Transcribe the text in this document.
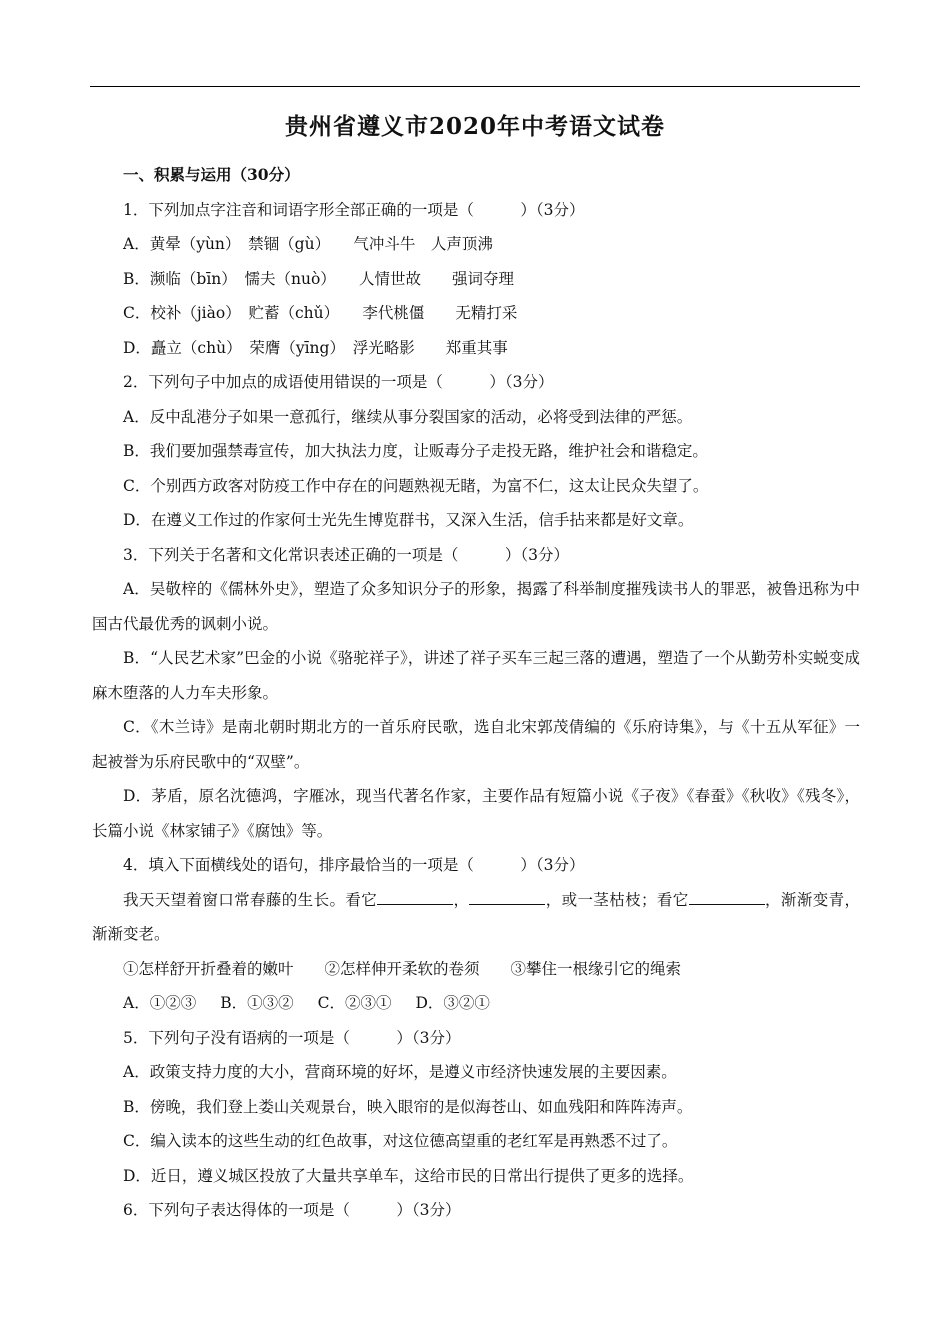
贵州省遵义市2020年中考语文试卷
一、积累与运用（30分）
1．下列加点字注音和词语字形全部正确的一项是（　　　）（3分）
A．黄晕（yùn）　禁锢（gù）　　气冲斗牛　人声顶沸
B．濒临（bīn）　懦夫（nuò）　　人情世故　　强词夺理
C．校补（jiào）　贮蓄（chǔ）　　李代桃僵　　无精打采
D．矗立（chù）　荣膺（yīng）　浮光略影　　郑重其事
2．下列句子中加点的成语使用错误的一项是（　　　）（3分）
A．反中乱港分子如果一意孤行，继续从事分裂国家的活动，必将受到法律的严惩。
B．我们要加强禁毒宣传，加大执法力度，让贩毒分子走投无路，维护社会和谐稳定。
C．个别西方政客对防疫工作中存在的问题熟视无睹，为富不仁，这太让民众失望了。
D．在遵义工作过的作家何士光先生博览群书，又深入生活，信手拈来都是好文章。
3．下列关于名著和文化常识表述正确的一项是（　　　）（3分）
A．吴敬梓的《儒林外史》，塑造了众多知识分子的形象，揭露了科举制度摧残读书人的罪恶，被鲁迅称为中国古代最优秀的讽刺小说。
B．“人民艺术家”巴金的小说《骆驼祥子》，讲述了祥子买车三起三落的遭遇，塑造了一个从勤劳朴实蜕变成麻木堕落的人力车夫形象。
C．《木兰诗》是南北朝时期北方的一首乐府民歌，选自北宋郭茂倩编的《乐府诗集》，与《十五从军征》一起被誉为乐府民歌中的“双壁”。
D．茅盾，原名沈德鸿，字雁冰，现当代著名作家，主要作品有短篇小说《子夜》《春蚕》《秋收》《残冬》，长篇小说《林家铺子》《腐蚀》等。
4．填入下面横线处的语句，排序最恰当的一项是（　　　）（3分）
我天天望着窗口常春藤的生长。看它	，	，或一茎枯枝；看它	，渐渐变青，渐渐变老。
①怎样舒开折叠着的嫩叶　　②怎样伸开柔软的卷须　　③攀住一根缘引它的绳索
A．①②③ B．①③② C．②③① D．③②①
5．下列句子没有语病的一项是（　　　）（3分）
A．政策支持力度的大小，营商环境的好坏，是遵义市经济快速发展的主要因素。
B．傍晚，我们登上娄山关观景台，映入眼帘的是似海苍山、如血残阳和阵阵涛声。
C．编入读本的这些生动的红色故事，对这位德高望重的老红军是再熟悉不过了。
D．近日，遵义城区投放了大量共享单车，这给市民的日常出行提供了更多的选择。
6．下列句子表达得体的一项是（　　　）（3分）
